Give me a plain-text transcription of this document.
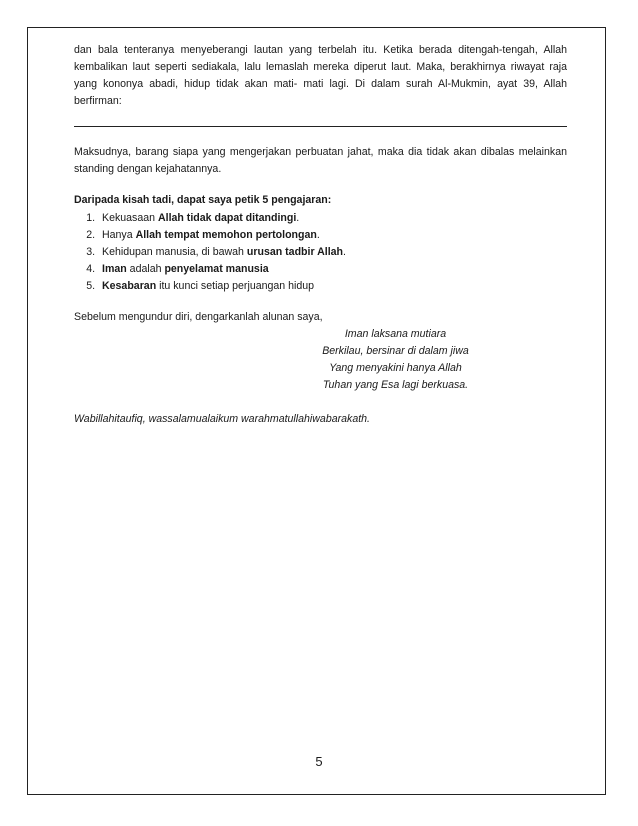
dan bala tenteranya menyeberangi lautan yang terbelah itu. Ketika berada ditengah-tengah, Allah kembalikan laut seperti sediakala, lalu lemaslah mereka diperut laut. Maka, berakhirnya riwayat raja yang kononya abadi, hidup tidak akan mati- mati lagi. Di dalam surah Al-Mukmin, ayat 39, Allah berfirman:

Maksudnya, barang siapa yang mengerjakan perbuatan jahat, maka dia tidak akan dibalas melainkan standing dengan kejahatannya.

Daripada kisah tadi, dapat saya petik 5 pengajaran:

1. Kekuasaan Allah tidak dapat ditandingi.
2. Hanya Allah tempat memohon pertolongan.
3. Kehidupan manusia, di bawah urusan tadbir Allah.
4. Iman adalah penyelamat manusia
5. Kesabaran itu kunci setiap perjuangan hidup

Sebelum mengundur diri, dengarkanlah alunan saya,

Iman laksana mutiara
Berkilau, bersinar di dalam jiwa
Yang menyakini hanya Allah
Tuhan yang Esa lagi berkuasa.

Wabillahitaufiq, wassalamualaikum warahmatullahiwabarakath.

5
